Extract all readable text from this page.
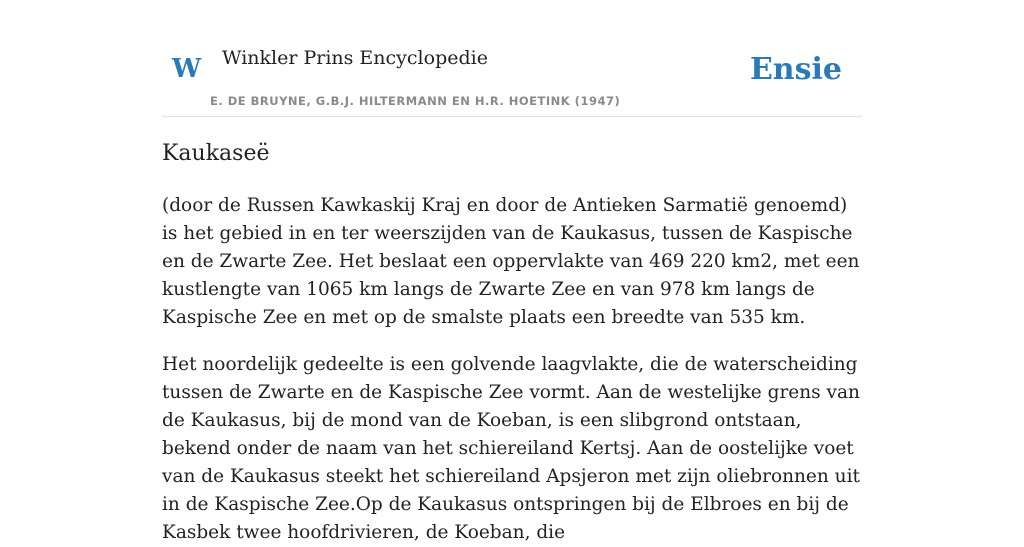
W Winkler Prins Encyclopedie
E. DE BRUYNE, G.B.J. HILTERMANN EN H.R. HOETINK (1947)
Ensie
Kaukaseë

(door de Russen Kawkaskij Kraj en door de Antieken Sarmatië genoemd) is het gebied in en ter weerszijden van de Kaukasus, tussen de Kaspische en de Zwarte Zee. Het beslaat een oppervlakte van 469 220 km2, met een kustlengte van 1065 km langs de Zwarte Zee en van 978 km langs de Kaspische Zee en met op de smalste plaats een breedte van 535 km.

Het noordelijk gedeelte is een golvende laagvlakte, die de waterscheiding tussen de Zwarte en de Kaspische Zee vormt. Aan de westelijke grens van de Kaukasus, bij de mond van de Koeban, is een slibgrond ontstaan, bekend onder de naam van het schiereiland Kertsj. Aan de oostelijke voet van de Kaukasus steekt het schiereiland Apsjeron met zijn oliebronnen uit in de Kaspische Zee.Op de Kaukasus ontspringen bij de Elbroes en bij de Kasbek twee hoofdrivieren, de Koeban, die
